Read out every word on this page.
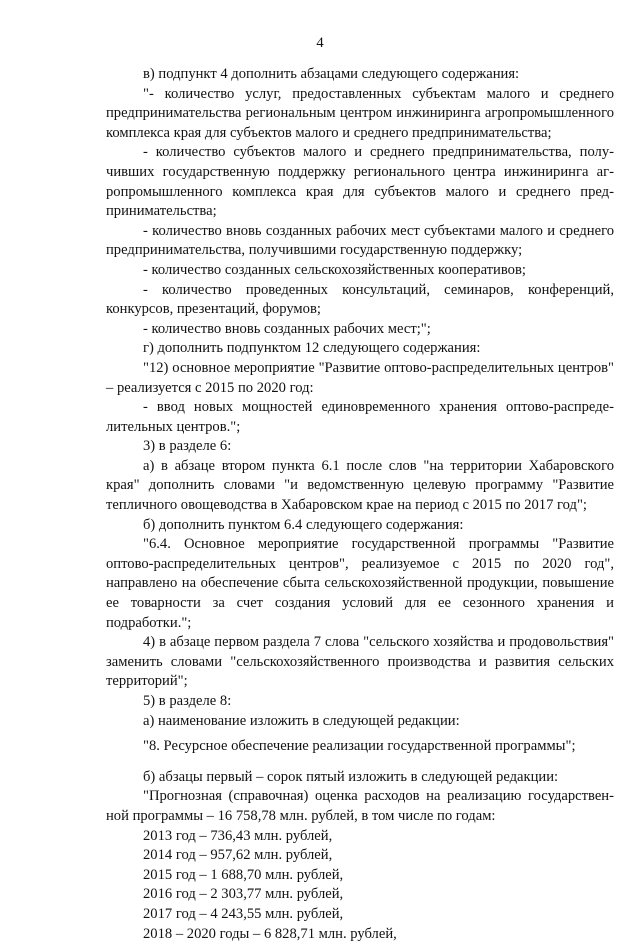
4

в) подпункт 4 дополнить абзацами следующего содержания:

"- количество услуг, предоставленных субъектам малого и среднего предпринимательства региональным центром инжиниринга агропромышленного комплекса края для субъектов малого и среднего предпринимательства;

- количество субъектов малого и среднего предпринимательства, получивших государственную поддержку регионального центра инжиниринга агропромышленного комплекса края для субъектов малого и среднего предпринимательства;

- количество вновь созданных рабочих мест субъектами малого и среднего предпринимательства, получившими государственную поддержку;

- количество созданных сельскохозяйственных кооперативов;

- количество проведенных консультаций, семинаров, конференций, конкурсов, презентаций, форумов;

- количество вновь созданных рабочих мест;";

г) дополнить подпунктом 12 следующего содержания:

"12) основное мероприятие "Развитие оптово-распределительных центров" – реализуется с 2015 по 2020 год:

- ввод новых мощностей единовременного хранения оптово-распределительных центров.";

3) в разделе 6:

а) в абзаце втором пункта 6.1 после слов "на территории Хабаровского края" дополнить словами "и ведомственную целевую программу "Развитие тепличного овощеводства в Хабаровском крае на период с 2015 по 2017 год";

б) дополнить пунктом 6.4 следующего содержания:

"6.4. Основное мероприятие государственной программы "Развитие оптово-распределительных центров", реализуемое с 2015 по 2020 год", направлено на обеспечение сбыта сельскохозяйственной продукции, повышение ее товарности за счет создания условий для ее сезонного хранения и подработки.";

4) в абзаце первом раздела 7 слова "сельского хозяйства и продовольствия" заменить словами "сельскохозяйственного производства и развития сельских территорий";

5) в разделе 8:

а) наименование изложить в следующей редакции:

"8. Ресурсное обеспечение реализации государственной программы";

б) абзацы первый – сорок пятый изложить в следующей редакции:

"Прогнозная (справочная) оценка расходов на реализацию государственной программы – 16 758,78 млн. рублей, в том числе по годам:

2013 год – 736,43 млн. рублей,
2014 год – 957,62 млн. рублей,
2015 год – 1 688,70 млн. рублей,
2016 год – 2 303,77 млн. рублей,
2017 год – 4 243,55 млн. рублей,
2018 – 2020 годы – 6 828,71 млн. рублей,
